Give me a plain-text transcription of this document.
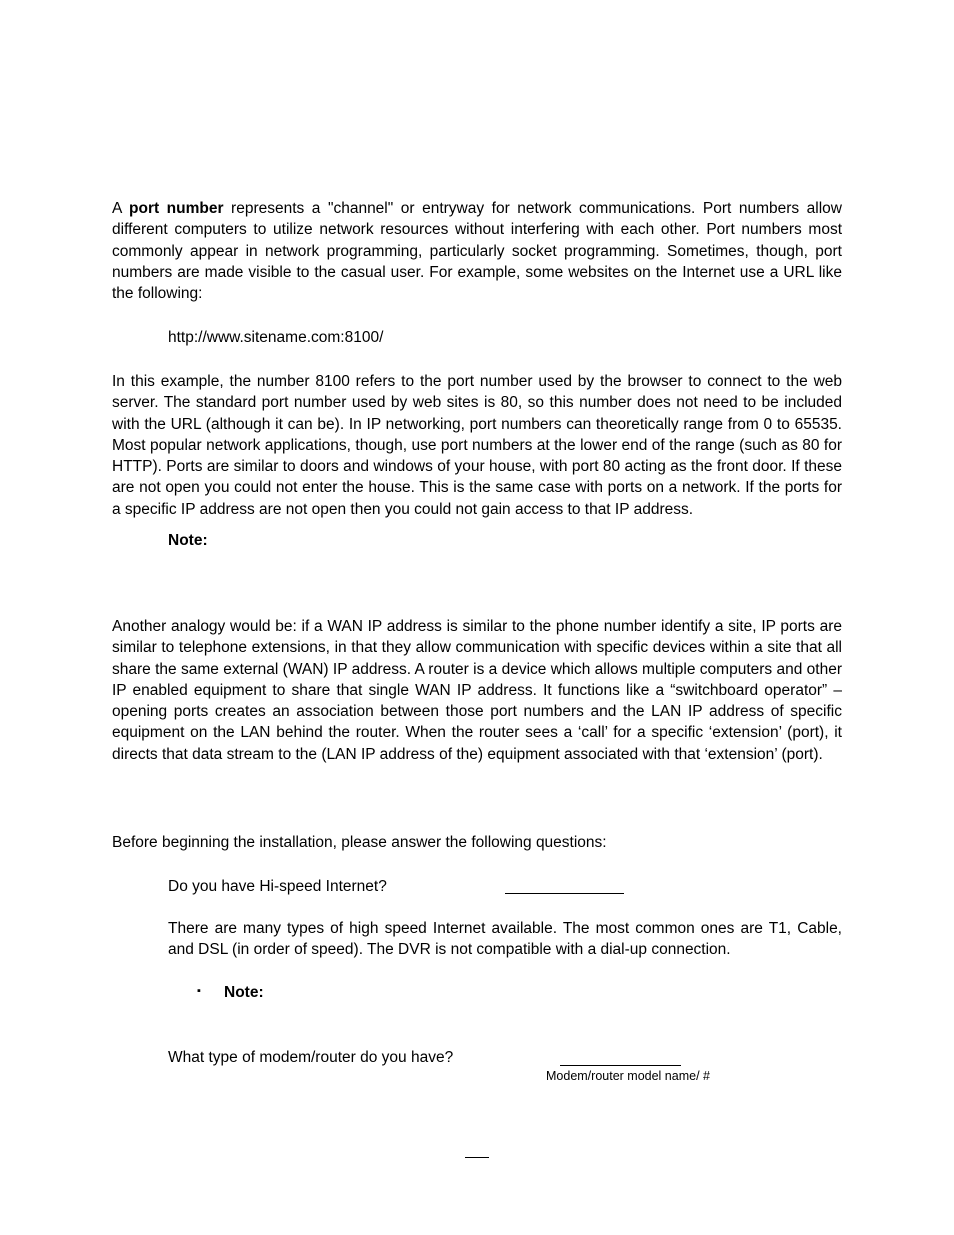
A port number represents a "channel" or entryway for network communications. Port numbers allow different computers to utilize network resources without interfering with each other. Port numbers most commonly appear in network programming, particularly socket programming. Sometimes, though, port numbers are made visible to the casual user. For example, some websites on the Internet use a URL like the following:
http://www.sitename.com:8100/
In this example, the number 8100 refers to the port number used by the browser to connect to the web server. The standard port number used by web sites is 80, so this number does not need to be included with the URL (although it can be). In IP networking, port numbers can theoretically range from 0 to 65535. Most popular network applications, though, use port numbers at the lower end of the range (such as 80 for HTTP). Ports are similar to doors and windows of your house, with port 80 acting as the front door. If these are not open you could not enter the house. This is the same case with ports on a network. If the ports for a specific IP address are not open then you could not gain access to that IP address.
Note:
Another analogy would be: if a WAN IP address is similar to the phone number identify a site, IP ports are similar to telephone extensions, in that they allow communication with specific devices within a site that all share the same external (WAN) IP address. A router is a device which allows multiple computers and other IP enabled equipment to share that single WAN IP address. It functions like a “switchboard operator” – opening ports creates an association between those port numbers and the LAN IP address of specific equipment on the LAN behind the router. When the router sees a ‘call’ for a specific ‘extension’ (port), it directs that data stream to the (LAN IP address of the) equipment associated with that ‘extension’ (port).
Before beginning the installation, please answer the following questions:
Do you have Hi-speed Internet?
There are many types of high speed Internet available. The most common ones are T1, Cable, and DSL (in order of speed). The DVR is not compatible with a dial-up connection.
▪ Note:
What type of modem/router do you have?
Modem/router model name/ #
